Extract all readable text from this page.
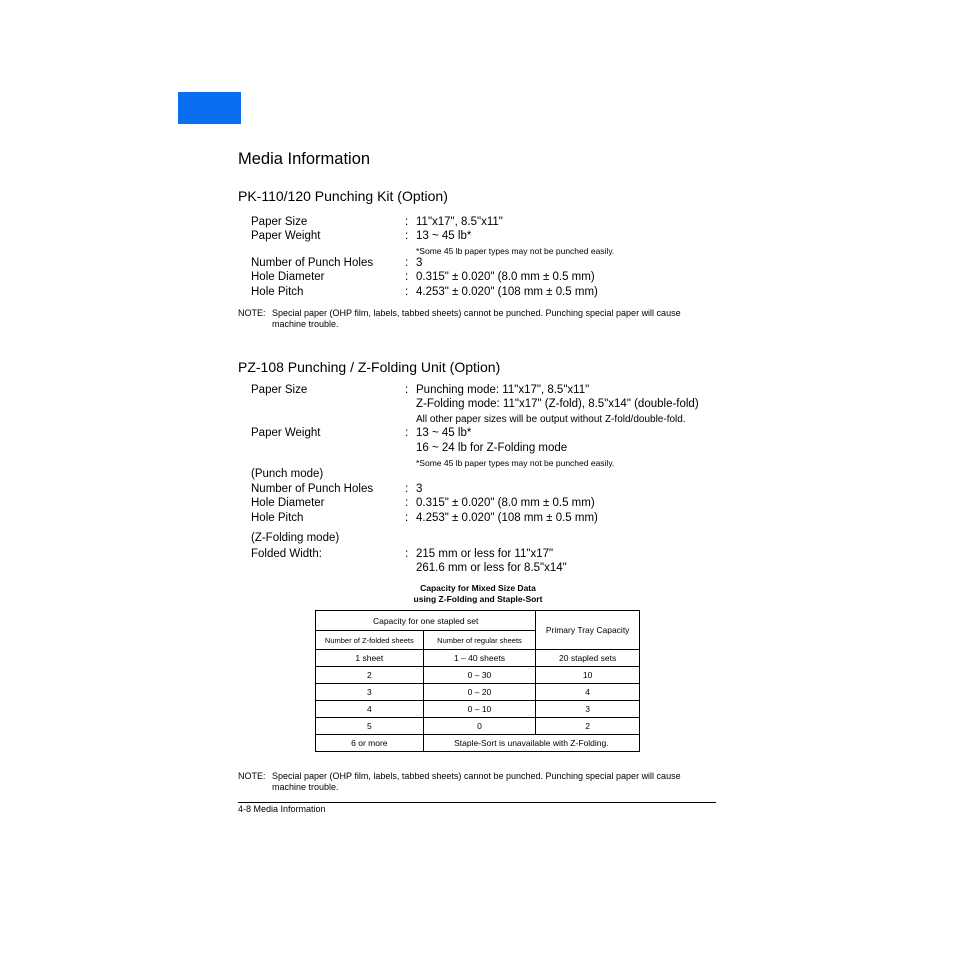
Media Information
PK-110/120 Punching Kit (Option)
Paper Size	: 11"x17", 8.5"x11"
Paper Weight	: 13 ~ 45 lb*
*Some 45 lb paper types may not be punched easily.
Number of Punch Holes	: 3
Hole Diameter	: 0.315" ± 0.020" (8.0 mm ± 0.5 mm)
Hole Pitch	: 4.253" ± 0.020" (108 mm ± 0.5 mm)
NOTE: Special paper (OHP film, labels, tabbed sheets) cannot be punched. Punching special paper will cause
machine trouble.
PZ-108 Punching / Z-Folding Unit (Option)
Paper Size	: Punching mode: 11"x17", 8.5"x11"
Z-Folding mode: 11"x17" (Z-fold), 8.5"x14" (double-fold)
All other paper sizes will be output without Z-fold/double-fold.
Paper Weight	: 13 ~ 45 lb*
16 ~ 24 lb for Z-Folding mode
*Some 45 lb paper types may not be punched easily.
(Punch mode)
Number of Punch Holes	: 3
Hole Diameter	: 0.315" ± 0.020" (8.0 mm ± 0.5 mm)
Hole Pitch	: 4.253" ± 0.020" (108 mm ± 0.5 mm)
(Z-Folding mode)
Folded Width:	: 215 mm or less for 11"x17"
261.6 mm or less for 8.5"x14"
Capacity for Mixed Size Data
using Z-Folding and Staple-Sort
Capacity for one stapled set		Primary Tray Capacity
Number of Z-folded sheets	Number of regular sheets	
1 sheet	1 – 40 sheets	20 stapled sets
2	0 – 30	10
3	0 – 20	4
4	0 – 10	3
5	0	2
6 or more	Staple-Sort is unavailable with Z-Folding.	
NOTE: Special paper (OHP film, labels, tabbed sheets) cannot be punched. Punching special paper will cause
machine trouble.
4-8 Media Information
